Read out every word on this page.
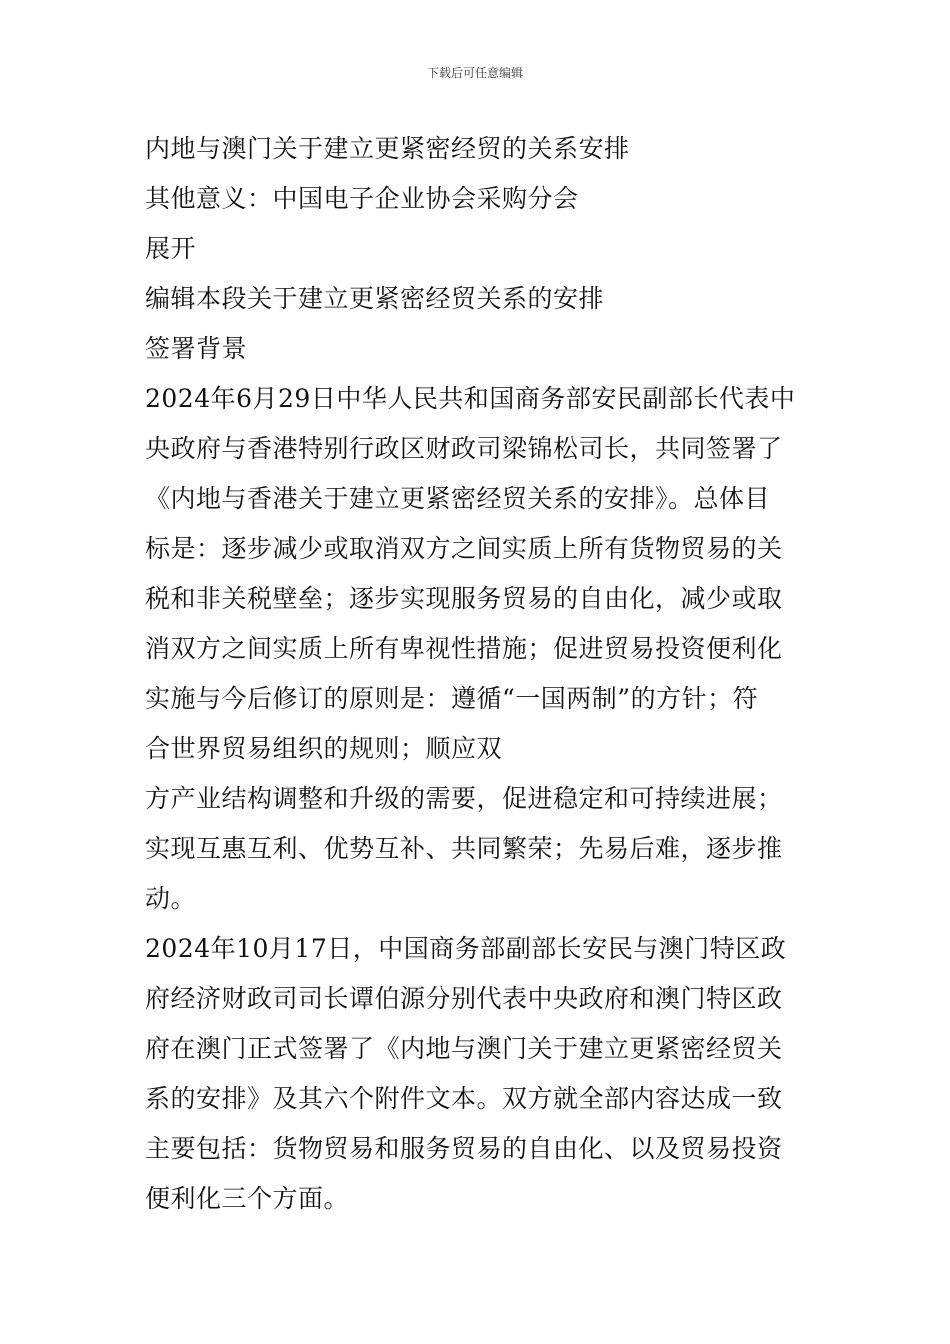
下载后可任意编辑
内地与澳门关于建立更紧密经贸的关系安排
其他意义：中国电子企业协会采购分会
展开
编辑本段关于建立更紧密经贸关系的安排
签署背景
2024年6月29日中华人民共和国商务部安民副部长代表中
央政府与香港特别行政区财政司梁锦松司长，共同签署了
《内地与香港关于建立更紧密经贸关系的安排》。总体目
标是：逐步减少或取消双方之间实质上所有货物贸易的关
税和非关税壁垒；逐步实现服务贸易的自由化，减少或取
消双方之间实质上所有卑视性措施；促进贸易投资便利化
实施与今后修订的原则是：遵循“一国两制”的方针；符
合世界贸易组织的规则；顺应双
方产业结构调整和升级的需要，促进稳定和可持续进展；
实现互惠互利、优势互补、共同繁荣；先易后难，逐步推
动。
2024年10月17日，中国商务部副部长安民与澳门特区政
府经济财政司司长谭伯源分别代表中央政府和澳门特区政
府在澳门正式签署了《内地与澳门关于建立更紧密经贸关
系的安排》及其六个附件文本。双方就全部内容达成一致
主要包括：货物贸易和服务贸易的自由化、以及贸易投资
便利化三个方面。
